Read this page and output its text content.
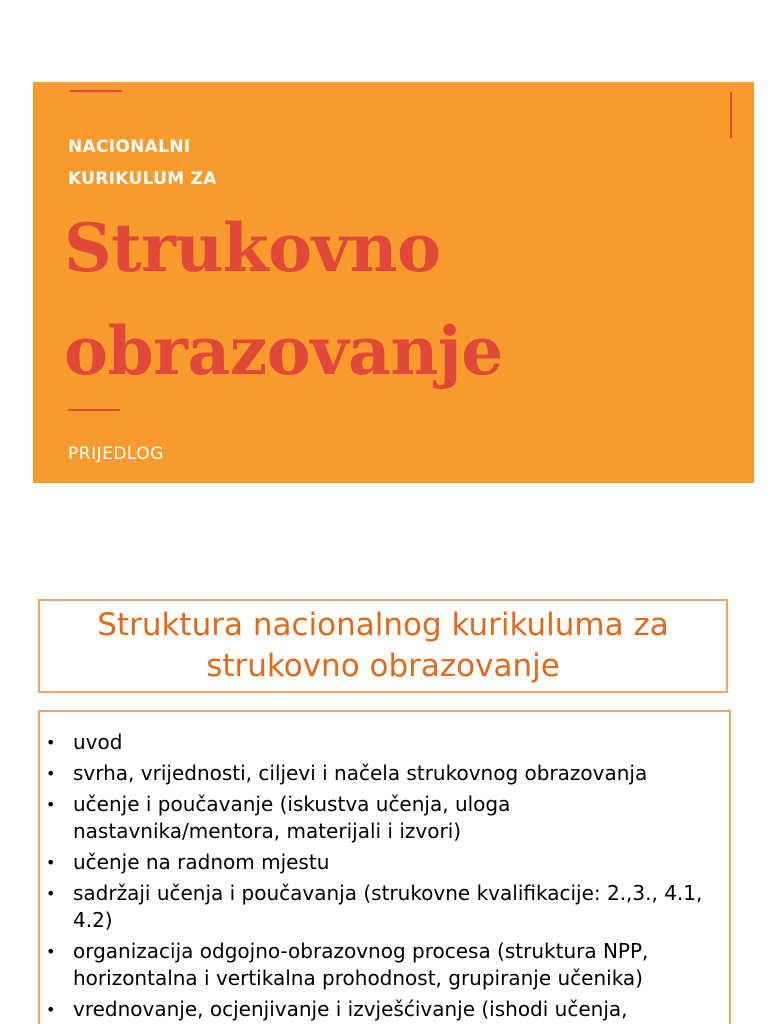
NACIONALNI
KURIKULUM ZA
Strukovno
obrazovanje
PRIJEDLOG
Struktura nacionalnog kurikuluma za
strukovno obrazovanje
• uvod
• svrha, vrijednosti, ciljevi i načela strukovnog obrazovanja
• učenje i poučavanje (iskustva učenja, uloga nastavnika/mentora, materijali i izvori)
• učenje na radnom mjestu
• sadržaji učenja i poučavanja (strukovne kvalifikacije: 2.,3., 4.1, 4.2)
• organizacija odgojno-obrazovnog procesa (struktura NPP, horizontalna i vertikalna prohodnost, grupiranje učenika)
• vrednovanje, ocjenjivanje i izvješćivanje (ishodi učenja,
